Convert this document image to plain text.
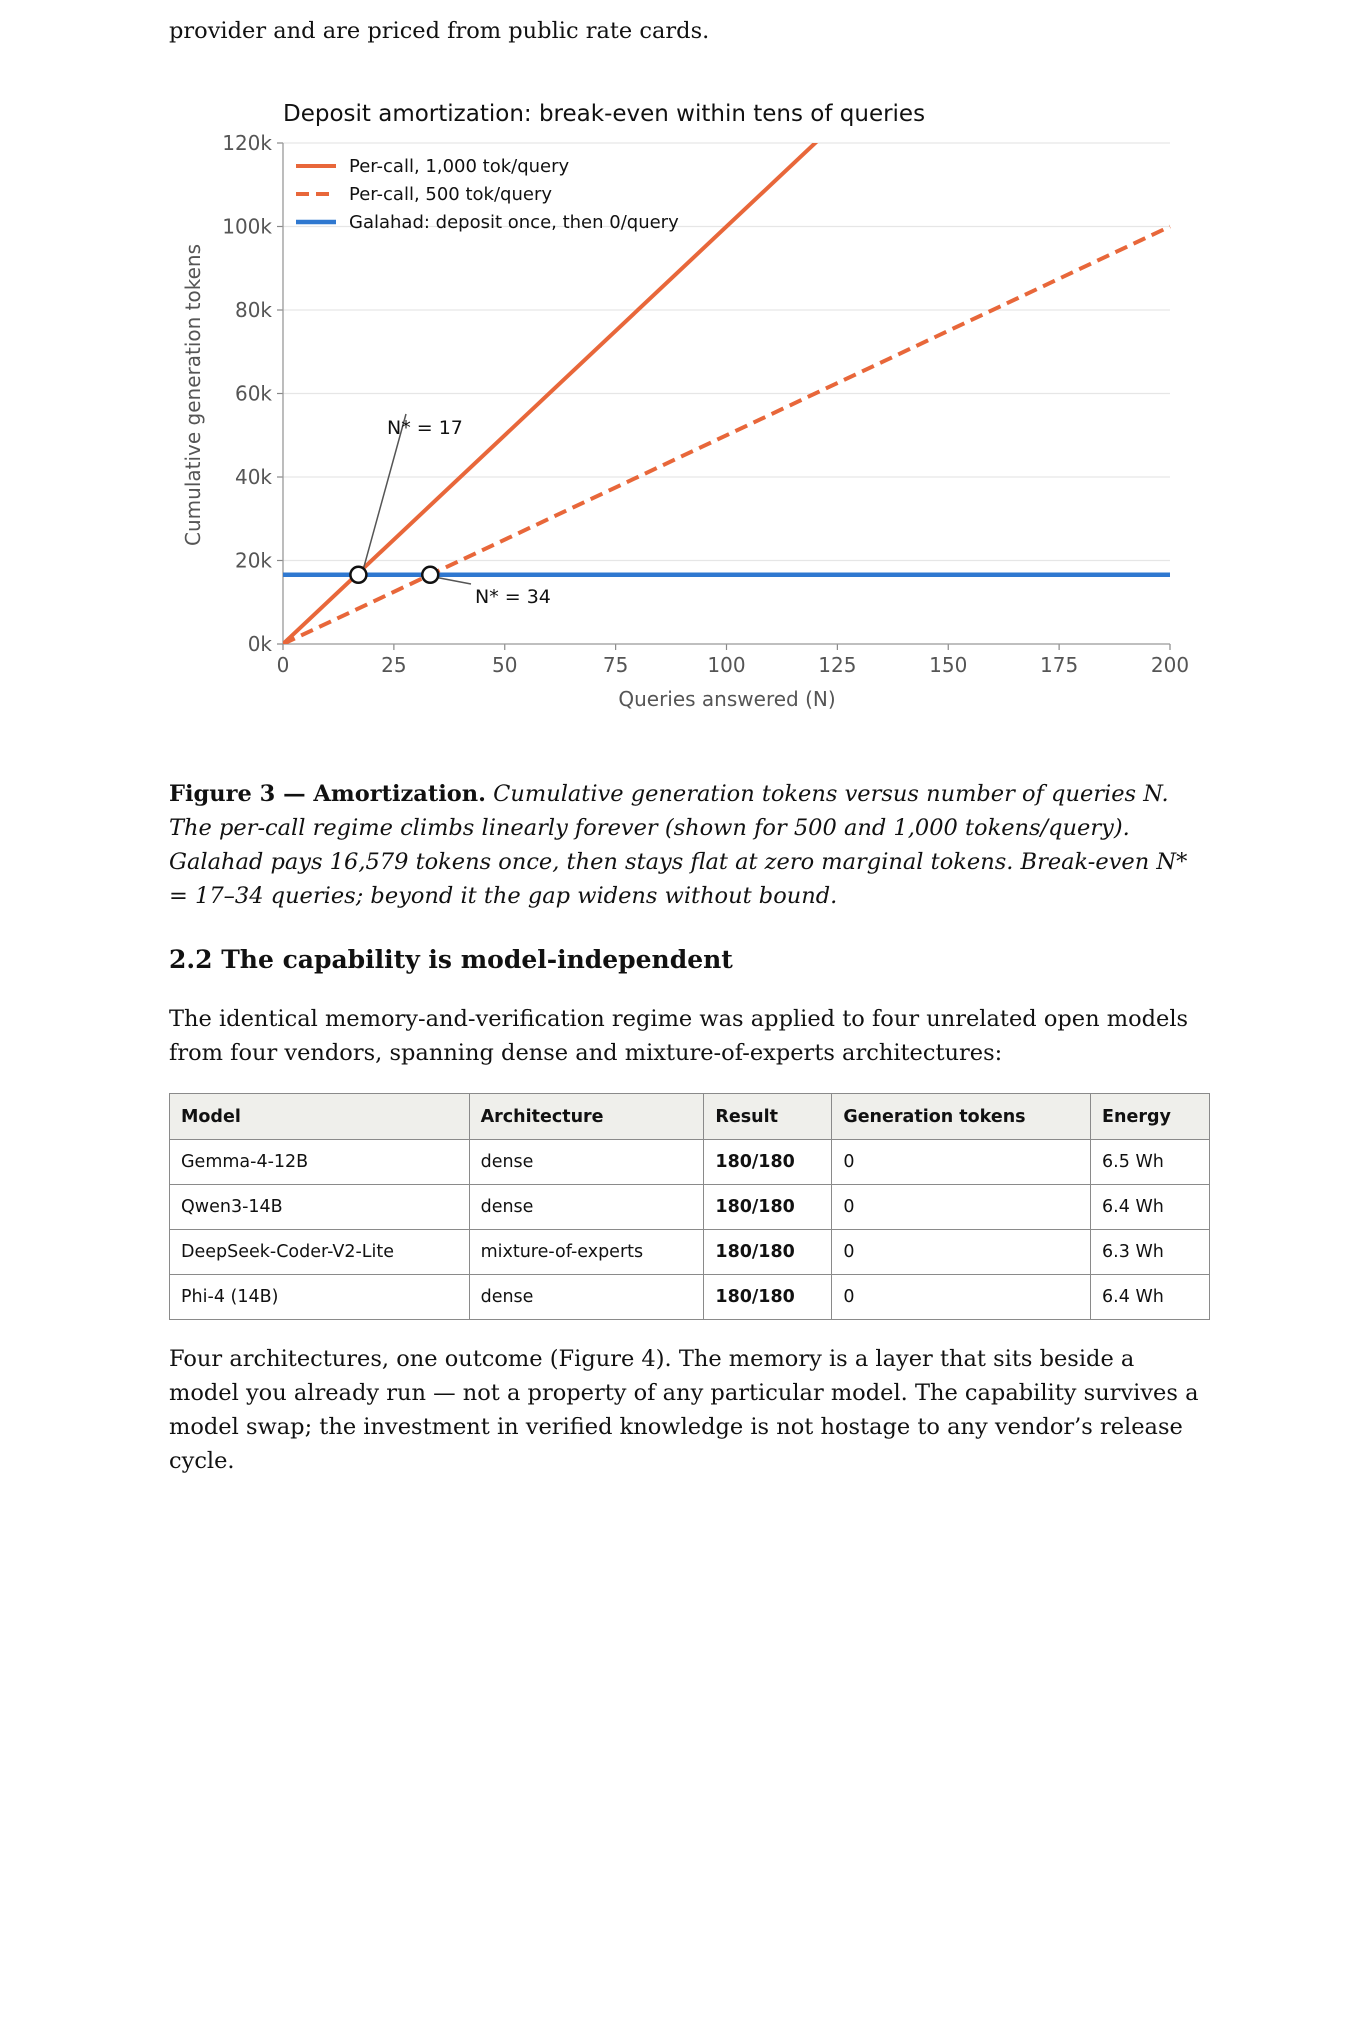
provider and are priced from public rate cards.

Deposit amortization: break-even within tens of queries
0k
20k
40k
60k
80k
100k
120k
0	25	50	75	100	125	150	175	200
N* = 17
N* = 34
Per-call, 1,000 tok/query
Per-call, 500 tok/query
Galahad: deposit once, then 0/query
Queries answered (N)
Cumulative generation tokens

Figure 3 — Amortization. Cumulative generation tokens versus number of queries N. The per-call regime climbs linearly forever (shown for 500 and 1,000 tokens/query). Galahad pays 16,579 tokens once, then stays flat at zero marginal tokens. Break-even N* = 17–34 queries; beyond it the gap widens without bound.

2.2 The capability is model-independent

The identical memory-and-verification regime was applied to four unrelated open models from four vendors, spanning dense and mixture-of-experts architectures:

Model	Architecture	Result	Generation tokens	Energy
Gemma-4-12B	dense	180/180	0	6.5 Wh
Qwen3-14B	dense	180/180	0	6.4 Wh
DeepSeek-Coder-V2-Lite	mixture-of-experts	180/180	0	6.3 Wh
Phi-4 (14B)	dense	180/180	0	6.4 Wh

Four architectures, one outcome (Figure 4). The memory is a layer that sits beside a model you already run — not a property of any particular model. The capability survives a model swap; the investment in verified knowledge is not hostage to any vendor’s release cycle.
